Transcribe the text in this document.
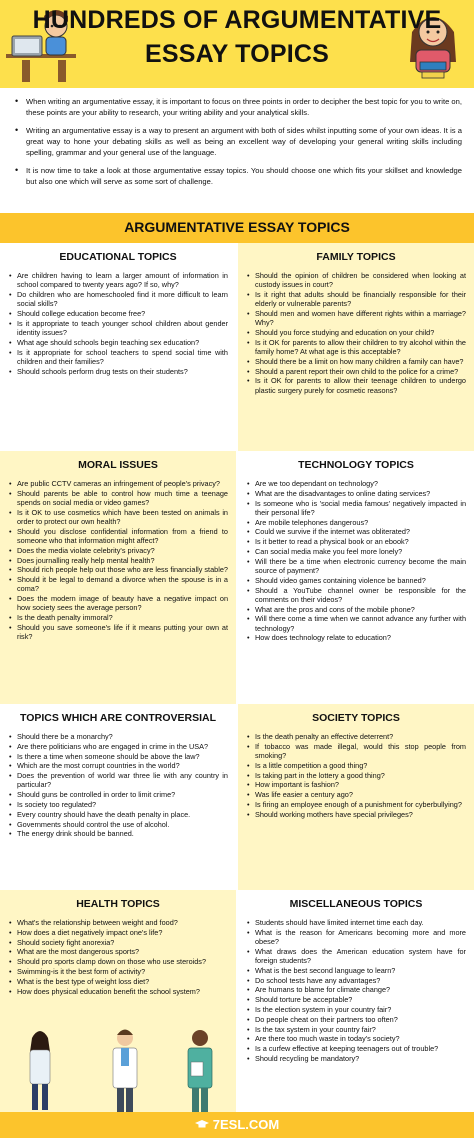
HUNDREDS OF ARGUMENTATIVE
ESSAY TOPICS
• When writing an argumentative essay, it is important to focus on three points in order to decipher the best topic for you to write on, these points are your ability to research, your writing ability and your analytical skills.
• Writing an argumentative essay is a way to present an argument with both of sides whilst inputting some of your own ideas. It is a great way to hone your debating skills as well as being an excellent way of developing your general writing skills including spelling, grammar and your general use of the language.
• It is now time to take a look at those argumentative essay topics. You should choose one which fits your skillset and knowledge but also one which will serve as some sort of challenge.
ARGUMENTATIVE ESSAY TOPICS
EDUCATIONAL TOPICS
• Are children having to learn a larger amount of information in school compared to twenty years ago? If so, why?
• Do children who are homeschooled find it more difficult to learn social skills?
• Should college education become free?
• Is it appropriate to teach younger school children about gender identity issues?
• What age should schools begin teaching sex education?
• Is it appropriate for school teachers to spend social time with children and their families?
• Should schools perform drug tests on their students?
FAMILY TOPICS
• Should the opinion of children be considered when looking at custody issues in court?
• Is it right that adults should be financially responsible for their elderly or vulnerable parents?
• Should men and women have different rights within a marriage? Why?
• Should you force studying and education on your child?
• Is it OK for parents to allow their children to try alcohol within the family home? At what age is this acceptable?
• Should there be a limit on how many children a family can have?
• Should a parent report their own child to the police for a crime?
• Is it OK for parents to allow their teenage children to undergo plastic surgery purely for cosmetic reasons?
MORAL ISSUES
• Are public CCTV cameras an infringement of people's privacy?
• Should parents be able to control how much time a teenage spends on social media or video games?
• Is it OK to use cosmetics which have been tested on animals in order to protect our own health?
• Should you disclose confidential information from a friend to someone who that information might affect?
• Does the media violate celebrity's privacy?
• Does journalling really help mental health?
• Should rich people help out those who are less financially stable?
• Should it be legal to demand a divorce when the spouse is in a coma?
• Does the modern image of beauty have a negative impact on how society sees the average person?
• Is the death penalty immoral?
• Should you save someone's life if it means putting your own at risk?
TECHNOLOGY TOPICS
• Are we too dependant on technology?
• What are the disadvantages to online dating services?
• Is someone who is 'social media famous' negatively impacted in their personal life?
• Are mobile telephones dangerous?
• Could we survive if the internet was obliterated?
• Is it better to read a physical book or an ebook?
• Can social media make you feel more lonely?
• Will there be a time when electronic currency become the main source of payment?
• Should video games containing violence be banned?
• Should a YouTube channel owner be responsible for the comments on their videos?
• What are the pros and cons of the mobile phone?
• Will there come a time when we cannot advance any further with technology?
• How does technology relate to education?
TOPICS WHICH ARE CONTROVERSIAL
• Should there be a monarchy?
• Are there politicians who are engaged in crime in the USA?
• Is there a time when someone should be above the law?
• Which are the most corrupt countries in the world?
• Does the prevention of world war three lie with any country in particular?
• Should guns be controlled in order to limit crime?
• Is society too regulated?
• Every country should have the death penalty in place.
• Governments should control the use of alcohol.
• The energy drink should be banned.
SOCIETY TOPICS
• Is the death penalty an effective deterrent?
• If tobacco was made illegal, would this stop people from smoking?
• Is a little competition a good thing?
• Is taking part in the lottery a good thing?
• How important is fashion?
• Was life easier a century ago?
• Is firing an employee enough of a punishment for cyberbullying?
• Should working mothers have special privileges?
HEALTH TOPICS
• What's the relationship between weight and food?
• How does a diet negatively impact one's life?
• Should society fight anorexia?
• What are the most dangerous sports?
• Should pro sports clamp down on those who use steroids?
• Swimming-is it the best form of activity?
• What is the best type of weight loss diet?
• How does physical education benefit the school system?
MISCELLANEOUS TOPICS
• Students should have limited internet time each day.
• What is the reason for Americans becoming more and more obese?
• What draws does the American education system have for foreign students?
• What is the best second language to learn?
• Do school tests have any advantages?
• Are humans to blame for climate change?
• Should torture be acceptable?
• Is the election system in your country fair?
• Do people cheat on their partners too often?
• Is the tax system in your country fair?
• Are there too much waste in today's society?
• Is a curfew effective at keeping teenagers out of trouble?
• Should recycling be mandatory?
7ESL.COM
